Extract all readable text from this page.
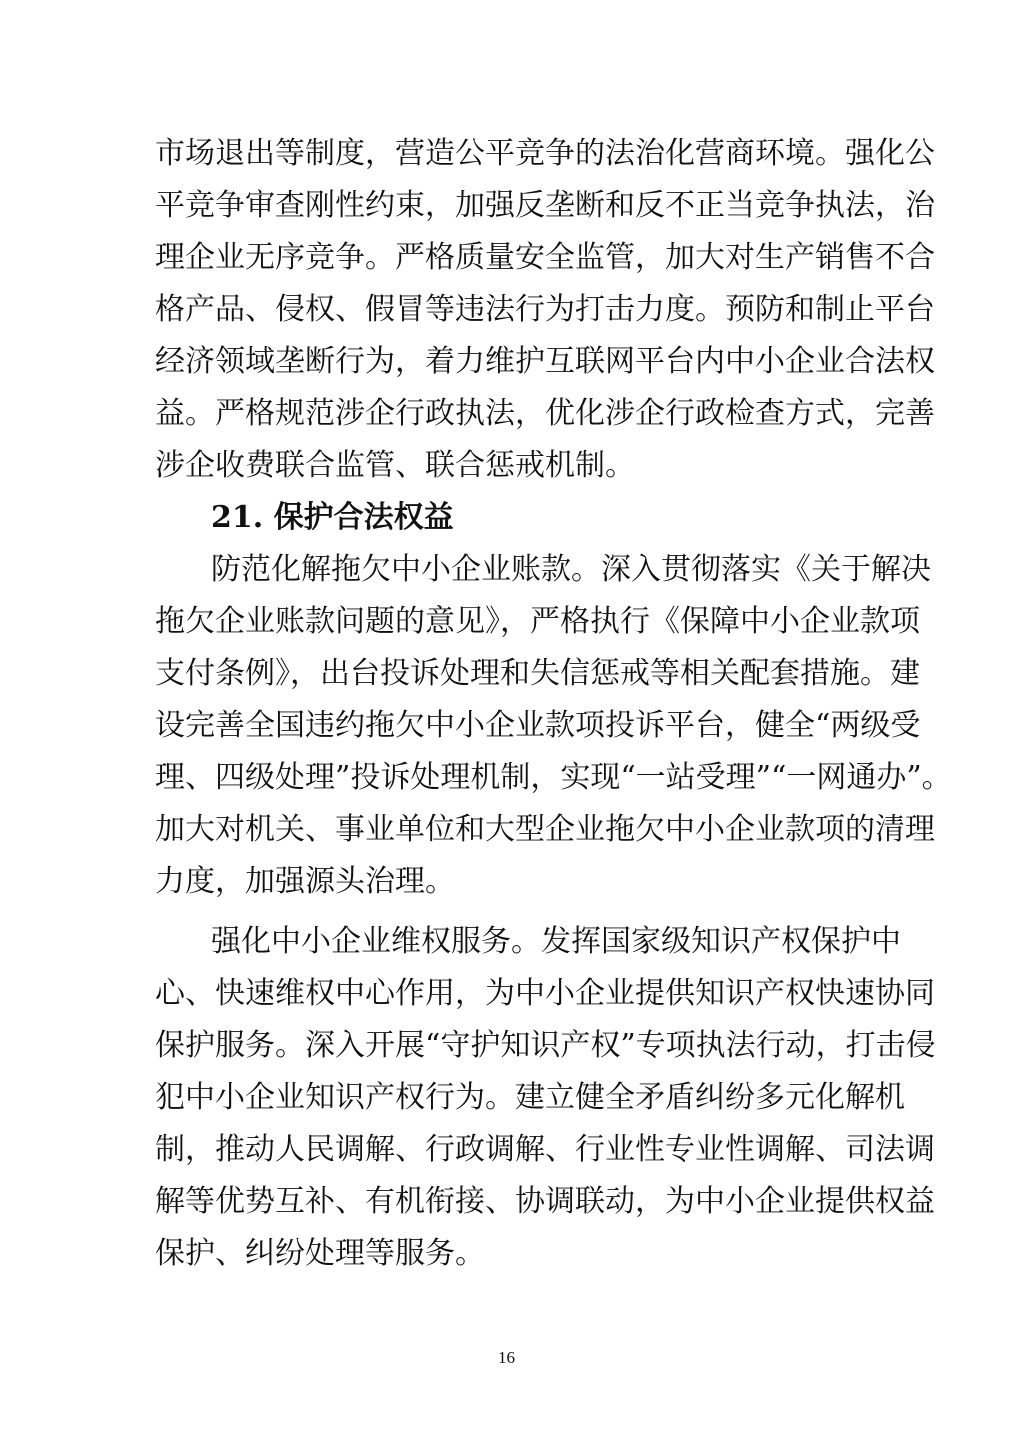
市场退出等制度，营造公平竞争的法治化营商环境。强化公
平竞争审查刚性约束，加强反垄断和反不正当竞争执法，治
理企业无序竞争。严格质量安全监管，加大对生产销售不合
格产品、侵权、假冒等违法行为打击力度。预防和制止平台
经济领域垄断行为，着力维护互联网平台内中小企业合法权
益。严格规范涉企行政执法，优化涉企行政检查方式，完善
涉企收费联合监管、联合惩戒机制。
21. 保护合法权益
防范化解拖欠中小企业账款。深入贯彻落实《关于解决
拖欠企业账款问题的意见》，严格执行《保障中小企业款项
支付条例》，出台投诉处理和失信惩戒等相关配套措施。建
设完善全国违约拖欠中小企业款项投诉平台，健全“两级受
理、四级处理”投诉处理机制，实现“一站受理”“一网通办”。
加大对机关、事业单位和大型企业拖欠中小企业款项的清理
力度，加强源头治理。
强化中小企业维权服务。发挥国家级知识产权保护中
心、快速维权中心作用，为中小企业提供知识产权快速协同
保护服务。深入开展“守护知识产权”专项执法行动，打击侵
犯中小企业知识产权行为。建立健全矛盾纠纷多元化解机
制，推动人民调解、行政调解、行业性专业性调解、司法调
解等优势互补、有机衔接、协调联动，为中小企业提供权益
保护、纠纷处理等服务。
16
